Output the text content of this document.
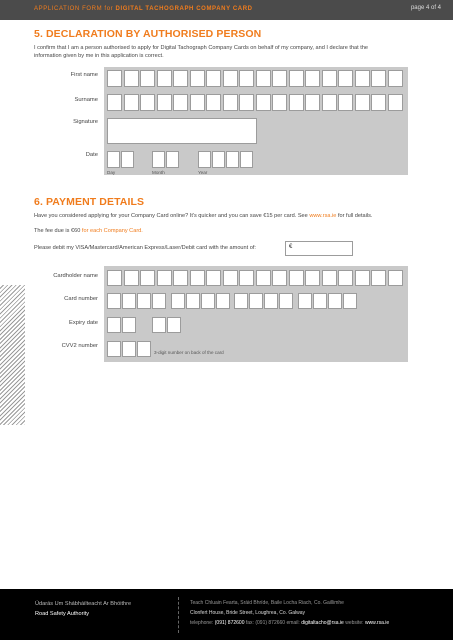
APPLICATION FORM for DIGITAL TACHOGRAPH COMPANY CARD	page 4 of 4
5. DECLARATION BY AUTHORISED PERSON
I confirm that I am a person authorised to apply for Digital Tachograph Company Cards on behalf of my company, and I declare that the
information given by me in this application is correct.
First name
Surname
Signature
Date
Day	Month	Year
6. PAYMENT DETAILS
Have you considered applying for your Company Card online? It's quicker and you can save €15 per card. See www.rsa.ie for full details.
The fee due is €60 for each Company Card.
Please debit my VISA/Mastercard/American Express/Laser/Debit card with the amount of:	€
Cardholder name
Card number
Expiry date
CVV2 number
3-digit number on back of the card
Údarás Um Shábháilteacht Ar Bhóithre
Road Safety Authority
Teach Chluain Fearta, Sráid Bhríde, Baile Locha Riach, Co. Gaillimhe
Clonfert House, Bride Street, Loughrea, Co. Galway
telephone: (091) 872600 fax: (091) 872660 email: digitaltacho@rsa.ie website: www.rsa.ie
